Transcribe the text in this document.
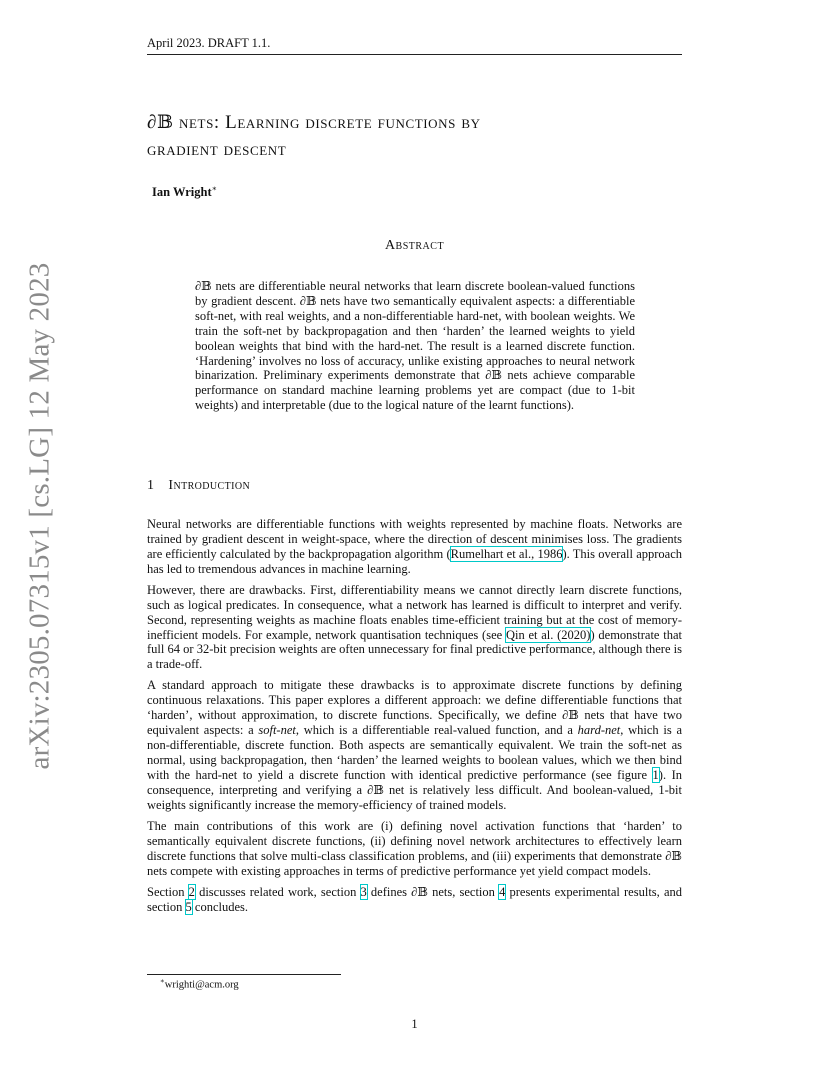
April 2023. DRAFT 1.1.
arXiv:2305.07315v1 [cs.LG] 12 May 2023
∂𝔹 nets: Learning discrete functions by
gradient descent
Ian Wright∗
Abstract
∂𝔹 nets are differentiable neural networks that learn discrete boolean-valued functions by gradient descent. ∂𝔹 nets have two semantically equivalent aspects: a differentiable soft-net, with real weights, and a non-differentiable hard-net, with boolean weights. We train the soft-net by backpropagation and then ‘harden’ the learned weights to yield boolean weights that bind with the hard-net. The result is a learned discrete function. ‘Hardening’ involves no loss of accuracy, unlike existing approaches to neural network binarization. Preliminary experiments demonstrate that ∂𝔹 nets achieve comparable performance on standard machine learning problems yet are compact (due to 1-bit weights) and interpretable (due to the logical nature of the learnt functions).
1 Introduction

Neural networks are differentiable functions with weights represented by machine floats. Networks are trained by gradient descent in weight-space, where the direction of descent minimises loss. The gradients are efficiently calculated by the backpropagation algorithm (Rumelhart et al., 1986). This overall approach has led to tremendous advances in machine learning.

However, there are drawbacks. First, differentiability means we cannot directly learn discrete functions, such as logical predicates. In consequence, what a network has learned is difficult to interpret and verify. Second, representing weights as machine floats enables time-efficient training but at the cost of memory-inefficient models. For example, network quantisation techniques (see Qin et al. (2020)) demonstrate that full 64 or 32-bit precision weights are often unnecessary for final predictive performance, although there is a trade-off.

A standard approach to mitigate these drawbacks is to approximate discrete functions by defining continuous relaxations. This paper explores a different approach: we define differentiable functions that ‘harden’, without approximation, to discrete functions. Specifically, we define ∂𝔹 nets that have two equivalent aspects: a soft-net, which is a differentiable real-valued function, and a hard-net, which is a non-differentiable, discrete function. Both aspects are semantically equivalent. We train the soft-net as normal, using backpropagation, then ‘harden’ the learned weights to boolean values, which we then bind with the hard-net to yield a discrete function with identical predictive performance (see figure 1). In consequence, interpreting and verifying a ∂𝔹 net is relatively less difficult. And boolean-valued, 1-bit weights significantly increase the memory-efficiency of trained models.

The main contributions of this work are (i) defining novel activation functions that ‘harden’ to semantically equivalent discrete functions, (ii) defining novel network architectures to effectively learn discrete functions that solve multi-class classification problems, and (iii) experiments that demonstrate ∂𝔹 nets compete with existing approaches in terms of predictive performance yet yield compact models.

Section 2 discusses related work, section 3 defines ∂𝔹 nets, section 4 presents experimental results, and section 5 concludes.

∗wrighti@acm.org
1
